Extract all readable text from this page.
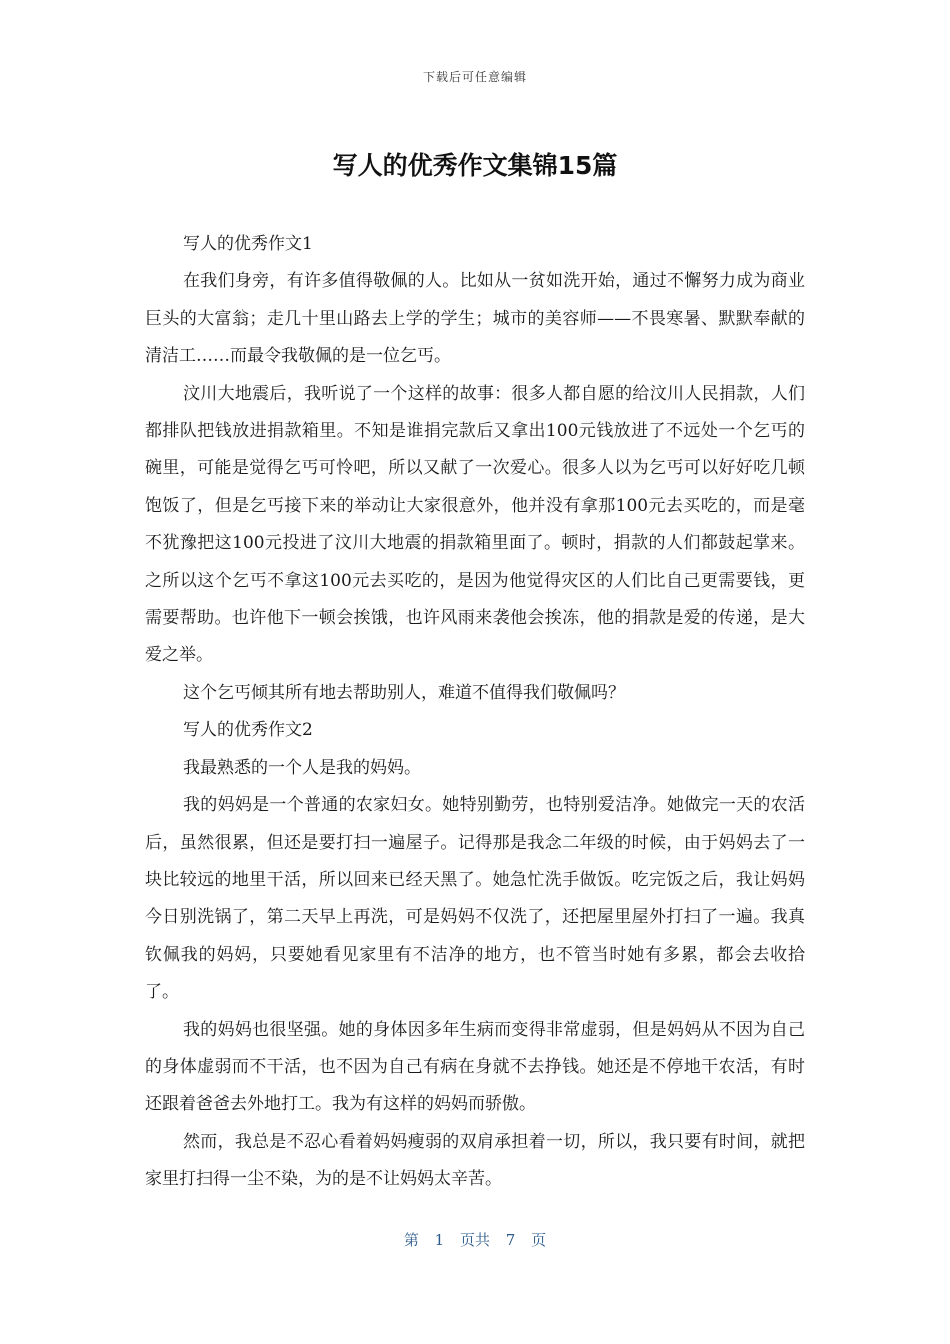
下载后可任意编辑
写人的优秀作文集锦15篇

写人的优秀作文1

在我们身旁，有许多值得敬佩的人。比如从一贫如洗开始，通过不懈努力成为商业巨头的大富翁；走几十里山路去上学的学生；城市的美容师——不畏寒暑、默默奉献的清洁工……而最令我敬佩的是一位乞丐。

汶川大地震后，我听说了一个这样的故事：很多人都自愿的给汶川人民捐款，人们都排队把钱放进捐款箱里。不知是谁捐完款后又拿出100元钱放进了不远处一个乞丐的碗里，可能是觉得乞丐可怜吧，所以又献了一次爱心。很多人以为乞丐可以好好吃几顿饱饭了，但是乞丐接下来的举动让大家很意外，他并没有拿那100元去买吃的，而是毫不犹豫把这100元投进了汶川大地震的捐款箱里面了。顿时，捐款的人们都鼓起掌来。之所以这个乞丐不拿这100元去买吃的，是因为他觉得灾区的人们比自己更需要钱，更需要帮助。也许他下一顿会挨饿，也许风雨来袭他会挨冻，他的捐款是爱的传递，是大爱之举。

这个乞丐倾其所有地去帮助别人，难道不值得我们敬佩吗？

写人的优秀作文2

我最熟悉的一个人是我的妈妈。

我的妈妈是一个普通的农家妇女。她特别勤劳，也特别爱洁净。她做完一天的农活后，虽然很累，但还是要打扫一遍屋子。记得那是我念二年级的时候，由于妈妈去了一块比较远的地里干活，所以回来已经天黑了。她急忙洗手做饭。吃完饭之后，我让妈妈今日别洗锅了，第二天早上再洗，可是妈妈不仅洗了，还把屋里屋外打扫了一遍。我真钦佩我的妈妈，只要她看见家里有不洁净的地方，也不管当时她有多累，都会去收拾了。

我的妈妈也很坚强。她的身体因多年生病而变得非常虚弱，但是妈妈从不因为自己的身体虚弱而不干活，也不因为自己有病在身就不去挣钱。她还是不停地干农活，有时还跟着爸爸去外地打工。我为有这样的妈妈而骄傲。

然而，我总是不忍心看着妈妈瘦弱的双肩承担着一切，所以，我只要有时间，就把家里打扫得一尘不染，为的是不让妈妈太辛苦。

第 1 页共 7 页
